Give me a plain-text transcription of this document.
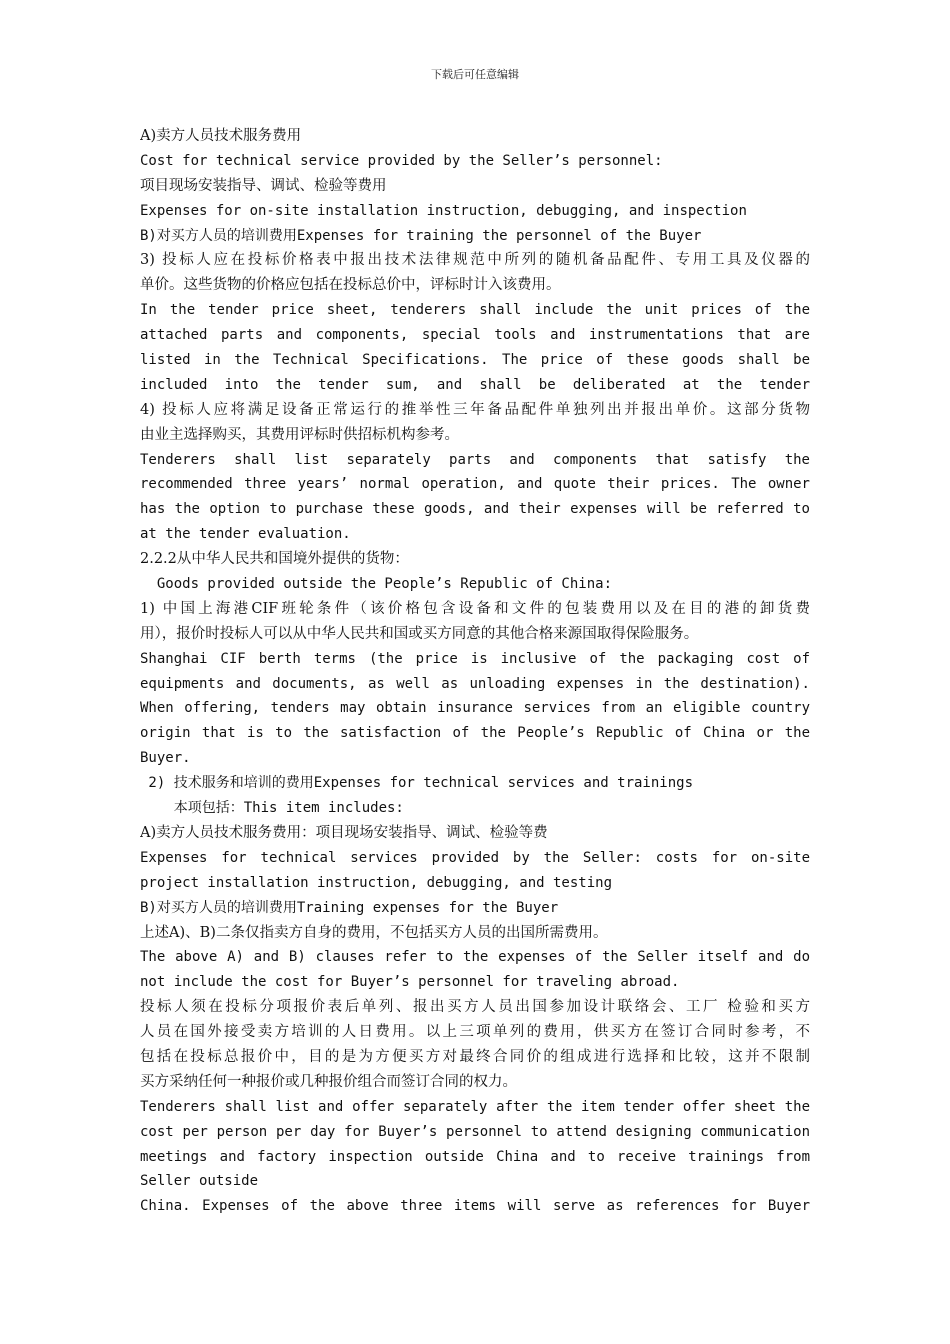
下载后可任意编辑
A)卖方人员技术服务费用
Cost for technical service provided by the Seller’s personnel:
项目现场安装指导、调试、检验等费用
Expenses for on-site installation instruction, debugging, and inspection
B)对买方人员的培训费用Expenses for training the personnel of the Buyer
3) 投标人应在投标价格表中报出技术法律规范中所列的随机备品配件、专用工具及仪器的
单价。这些货物的价格应包括在投标总价中，评标时计入该费用。
In the tender price sheet, tenderers shall include the unit prices of the
attached parts and components, special tools and instrumentations that are
listed in the Technical Specifications. The price of these goods shall be
included into the tender sum, and shall be deliberated at the tender
4) 投标人应将满足设备正常运行的推举性三年备品配件单独列出并报出单价。这部分货物
由业主选择购买，其费用评标时供招标机构参考。
Tenderers shall list separately parts and components that satisfy the
recommended three years’ normal operation, and quote their prices. The owner
has the option to purchase these goods, and their expenses will be referred to
at the tender evaluation.
2.2.2从中华人民共和国境外提供的货物：
Goods provided outside the People’s Republic of China:
1) 中国上海港CIF班轮条件（该价格包含设备和文件的包装费用以及在目的港的卸货费
用），报价时投标人可以从中华人民共和国或买方同意的其他合格来源国取得保险服务。
Shanghai CIF berth terms (the price is inclusive of the packaging cost of
equipments and documents, as well as unloading expenses in the destination).
When offering, tenders may obtain insurance services from an eligible country
origin that is to the satisfaction of the People’s Republic of China or the
Buyer.
2) 技术服务和培训的费用Expenses for technical services and trainings
本项包括：This item includes:
A)卖方人员技术服务费用：项目现场安装指导、调试、检验等费
Expenses for technical services provided by the Seller: costs for on-site
project installation instruction, debugging, and testing
B)对买方人员的培训费用Training expenses for the Buyer
上述A)、B)二条仅指卖方自身的费用，不包括买方人员的出国所需费用。
The above A) and B) clauses refer to the expenses of the Seller itself and do
not include the cost for Buyer’s personnel for traveling abroad.
投标人须在投标分项报价表后单列、报出买方人员出国参加设计联络会、工厂 检验和买方
人员在国外接受卖方培训的人日费用。以上三项单列的费用，供买方在签订合同时参考，不
包括在投标总报价中，目的是为方便买方对最终合同价的组成进行选择和比较，这并不限制
买方采纳任何一种报价或几种报价组合而签订合同的权力。
Tenderers shall list and offer separately after the item tender offer sheet the
cost per person per day for Buyer’s personnel to attend designing communication
meetings and factory inspection outside China and to receive trainings from
Seller outside
China. Expenses of the above three items will serve as references for Buyer
